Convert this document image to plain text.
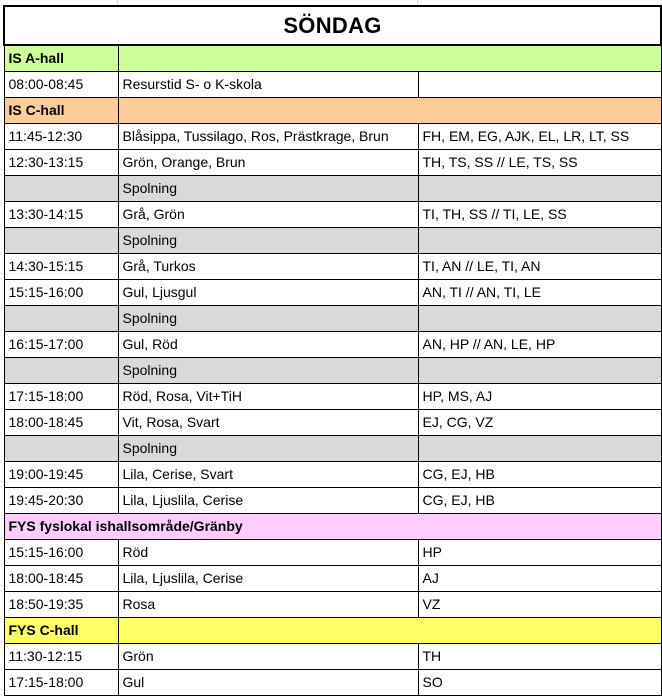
SÖNDAG		
IS A-hall		
08:00-08:45	Resurstid S- o K-skola	
IS C-hall		
11:45-12:30	Blåsippa, Tussilago, Ros, Prästkrage, Brun	FH, EM, EG, AJK, EL, LR, LT, SS
12:30-13:15	Grön, Orange, Brun	TH, TS, SS // LE, TS, SS
	Spolning	
13:30-14:15	Grå, Grön	TI, TH, SS // TI, LE, SS
	Spolning	
14:30-15:15	Grå, Turkos	TI, AN // LE, TI, AN
15:15-16:00	Gul, Ljusgul	AN, TI // AN, TI, LE
	Spolning	
16:15-17:00	Gul, Röd	AN, HP // AN, LE, HP
	Spolning	
17:15-18:00	Röd, Rosa, Vit+TiH	HP, MS, AJ
18:00-18:45	Vit, Rosa, Svart	EJ, CG, VZ
	Spolning	
19:00-19:45	Lila, Cerise, Svart	CG, EJ, HB
19:45-20:30	Lila, Ljuslila, Cerise	CG, EJ, HB
FYS fyslokal ishallsområde/Gränby		
15:15-16:00	Röd	HP
18:00-18:45	Lila, Ljuslila, Cerise	AJ
18:50-19:35	Rosa	VZ
FYS C-hall		
11:30-12:15	Grön	TH
17:15-18:00	Gul	SO
